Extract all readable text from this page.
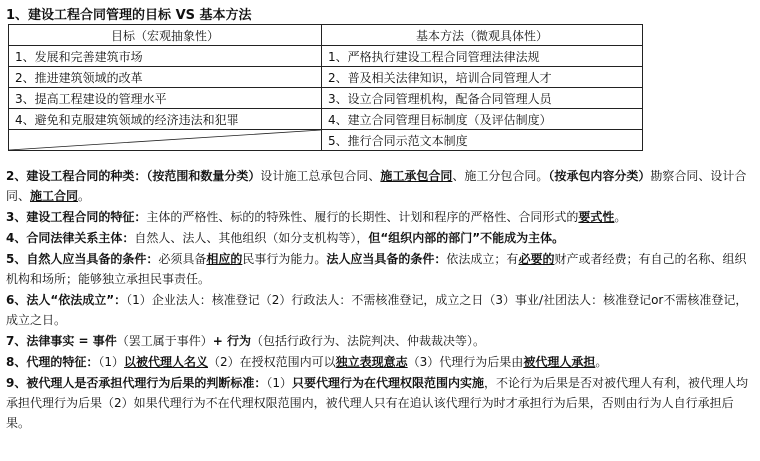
1、建设工程合同管理的目标 VS 基本方法
目标（宏观抽象性）	基本方法（微观具体性）
1、发展和完善建筑市场	1、严格执行建设工程合同管理法律法规
2、推进建筑领域的改革	2、普及相关法律知识，培训合同管理人才
3、提高工程建设的管理水平	3、设立合同管理机构，配备合同管理人员
4、避免和克服建筑领域的经济违法和犯罪	4、建立合同管理目标制度（及评估制度）

	5、推行合同示范文本制度

2、建设工程合同的种类：（按范围和数量分类）设计施工总承包合同、施工承包合同、施工分包合同。（按承包内容分类）勘察合同、设计合同、施工合同。

3、建设工程合同的特征：主体的严格性、标的的特殊性、履行的长期性、计划和程序的严格性、合同形式的要式性。

4、合同法律关系主体：自然人、法人、其他组织（如分支机构等），但“组织内部的部门”不能成为主体。

5、自然人应当具备的条件：必须具备相应的民事行为能力。法人应当具备的条件：依法成立；有必要的财产或者经费；有自己的名称、组织机构和场所；能够独立承担民事责任。

6、法人“依法成立”：（1）企业法人：核准登记（2）行政法人：不需核准登记，成立之日（3）事业/社团法人：核准登记or不需核准登记，成立之日。

7、法律事实 = 事件（罢工属于事件）+ 行为（包括行政行为、法院判决、仲裁裁决等）。

8、代理的特征：（1）以被代理人名义（2）在授权范围内可以独立表现意志（3）代理行为后果由被代理人承担。

9、被代理人是否承担代理行为后果的判断标准：（1）只要代理行为在代理权限范围内实施，不论行为后果是否对被代理人有利，被代理人均承担代理行为后果（2）如果代理行为不在代理权限范围内，被代理人只有在追认该代理行为时才承担行为后果，否则由行为人自行承担后果。
